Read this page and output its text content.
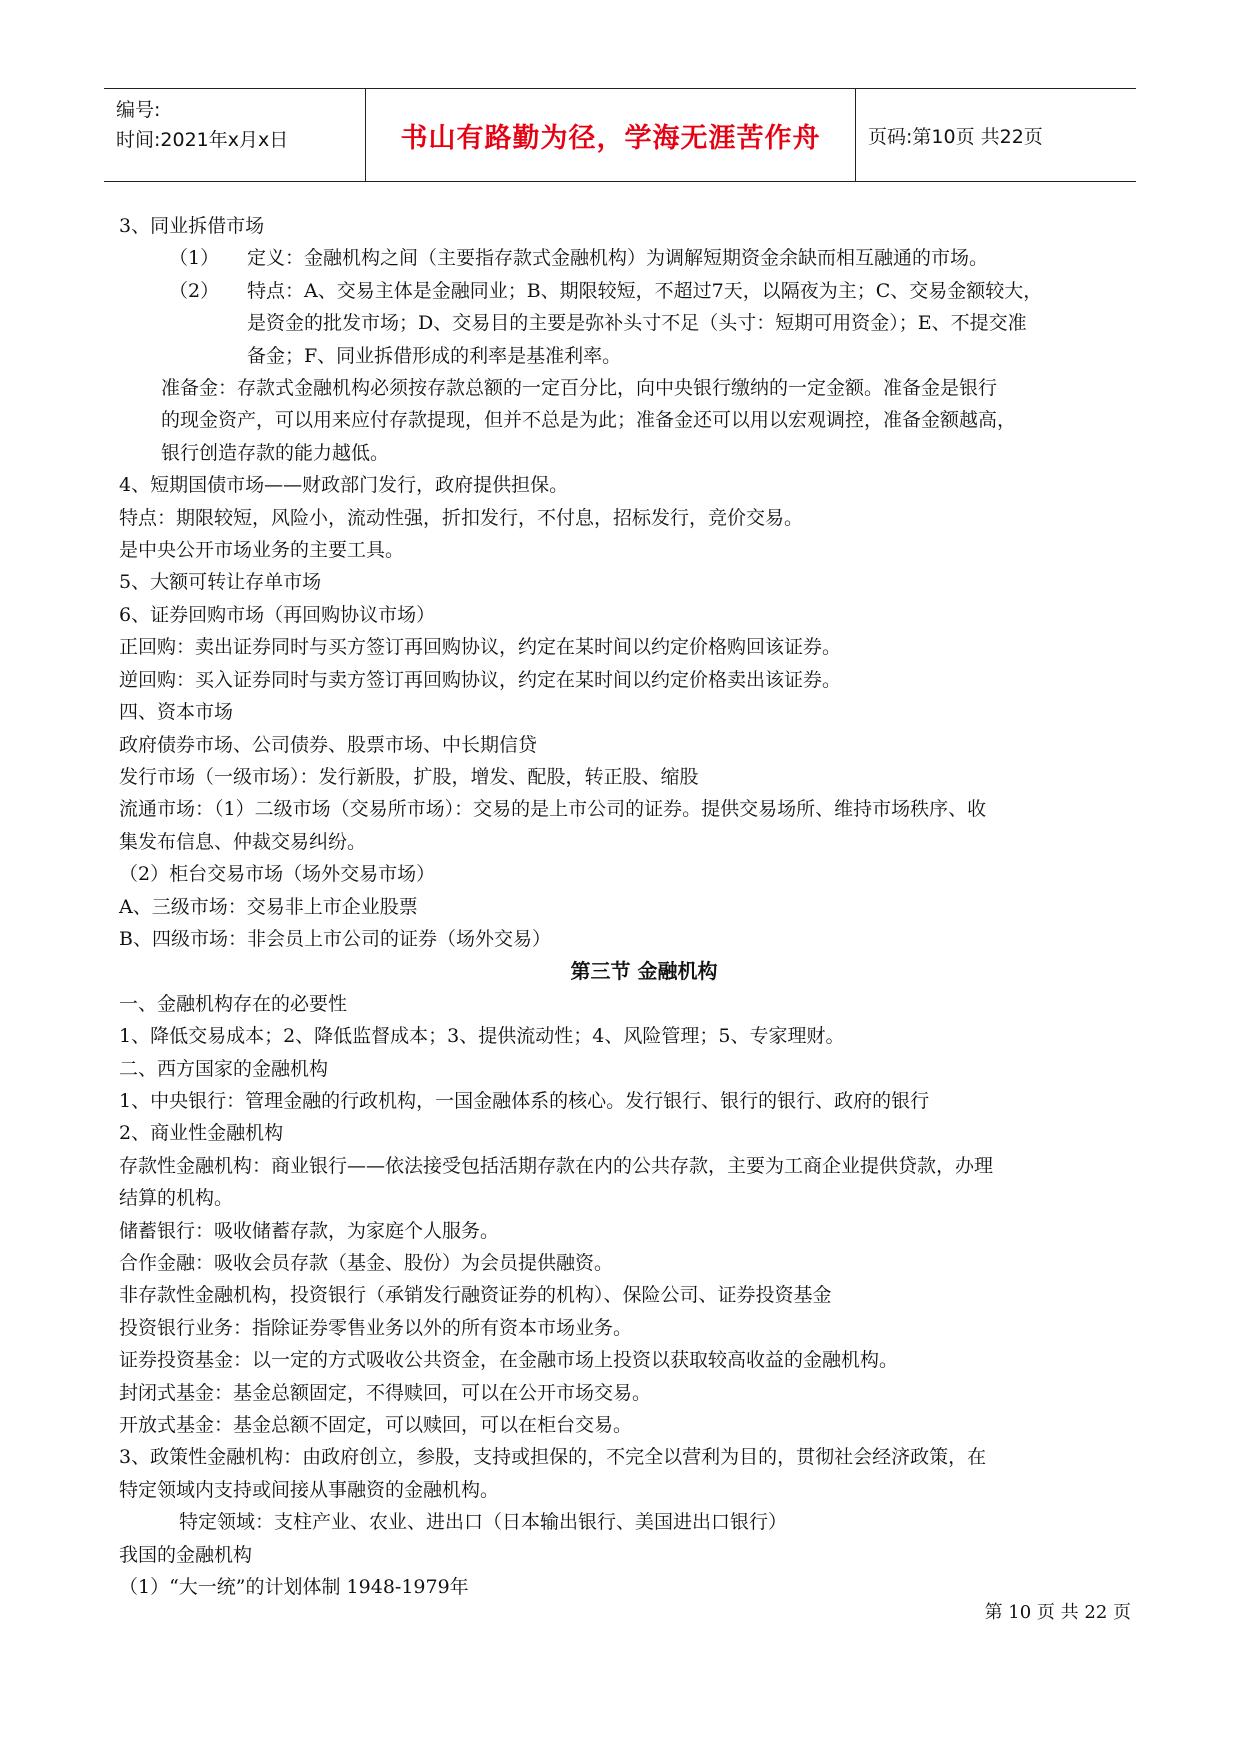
编号:
时间:2021年x月x日	书山有路勤为径，学海无涯苦作舟	页码:第10页 共22页
3、同业拆借市场
（1）	定义：金融机构之间（主要指存款式金融机构）为调解短期资金余缺而相互融通的市场。
（2）	特点：A、交易主体是金融同业；B、期限较短，不超过7天，以隔夜为主；C、交易金额较大，
是资金的批发市场；D、交易目的主要是弥补头寸不足（头寸：短期可用资金）；E、不提交准
备金；F、同业拆借形成的利率是基准利率。
准备金：存款式金融机构必须按存款总额的一定百分比，向中央银行缴纳的一定金额。准备金是银行
的现金资产，可以用来应付存款提现，但并不总是为此；准备金还可以用以宏观调控，准备金额越高，
银行创造存款的能力越低。
4、短期国债市场——财政部门发行，政府提供担保。
特点：期限较短，风险小，流动性强，折扣发行，不付息，招标发行，竞价交易。
是中央公开市场业务的主要工具。
5、大额可转让存单市场
6、证券回购市场（再回购协议市场）
正回购：卖出证券同时与买方签订再回购协议，约定在某时间以约定价格购回该证券。
逆回购：买入证券同时与卖方签订再回购协议，约定在某时间以约定价格卖出该证券。
四、资本市场
政府债券市场、公司债券、股票市场、中长期信贷
发行市场（一级市场）：发行新股，扩股，增发、配股，转正股、缩股
流通市场：（1）二级市场（交易所市场）：交易的是上市公司的证券。提供交易场所、维持市场秩序、收
集发布信息、仲裁交易纠纷。
（2）柜台交易市场（场外交易市场）
A、三级市场：交易非上市企业股票
B、四级市场：非会员上市公司的证券（场外交易）
第三节 金融机构
一、金融机构存在的必要性
1、降低交易成本；2、降低监督成本；3、提供流动性；4、风险管理；5、专家理财。
二、西方国家的金融机构
1、中央银行：管理金融的行政机构，一国金融体系的核心。发行银行、银行的银行、政府的银行
2、商业性金融机构
存款性金融机构：商业银行——依法接受包括活期存款在内的公共存款，主要为工商企业提供贷款，办理
结算的机构。
储蓄银行：吸收储蓄存款，为家庭个人服务。
合作金融：吸收会员存款（基金、股份）为会员提供融资。
非存款性金融机构，投资银行（承销发行融资证券的机构）、保险公司、证券投资基金
投资银行业务：指除证券零售业务以外的所有资本市场业务。
证券投资基金：以一定的方式吸收公共资金，在金融市场上投资以获取较高收益的金融机构。
封闭式基金：基金总额固定，不得赎回，可以在公开市场交易。
开放式基金：基金总额不固定，可以赎回，可以在柜台交易。
3、政策性金融机构：由政府创立，参股，支持或担保的，不完全以营利为目的，贯彻社会经济政策，在
特定领域内支持或间接从事融资的金融机构。
特定领域：支柱产业、农业、进出口（日本输出银行、美国进出口银行）
我国的金融机构
（1）“大一统”的计划体制 1948-1979年
第 10 页 共 22 页
